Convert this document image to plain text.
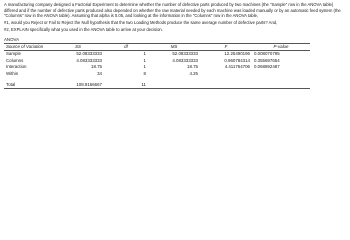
A manufacturing company designed a Factorial Experiment to determine whether the number of defective parts produced by two machines (the "Sample" row in the ANOVA table) differed and if the number of defective parts produced also depended on whether the raw material needed by each machine was loaded manually or by an automatic feed system (the "Columns" row in the ANOVA table). Assuming that alpha is 0.05, and looking at the information in the "Columns" row in the ANOVA table,

#1, would you Reject or Fail to Reject the Null hypothesis that the two Loading Methods produce the same average number of defective parts? And,

#2, EXPLAIN specifically what you used in the ANOVA table to arrive at your decision.

ANOVA
Source of Variation	SS	df	MS	F	P-value
Sample	52.08333333	1	52.08333333	12.25490196	0.008070795
Columns	4.083333333	1	4.083333333	0.960784314	0.355697654
Interaction	18.75	1	18.75	4.411764706	0.068892487
Within	34	8	4.25		

Total	108.9166667	11			
